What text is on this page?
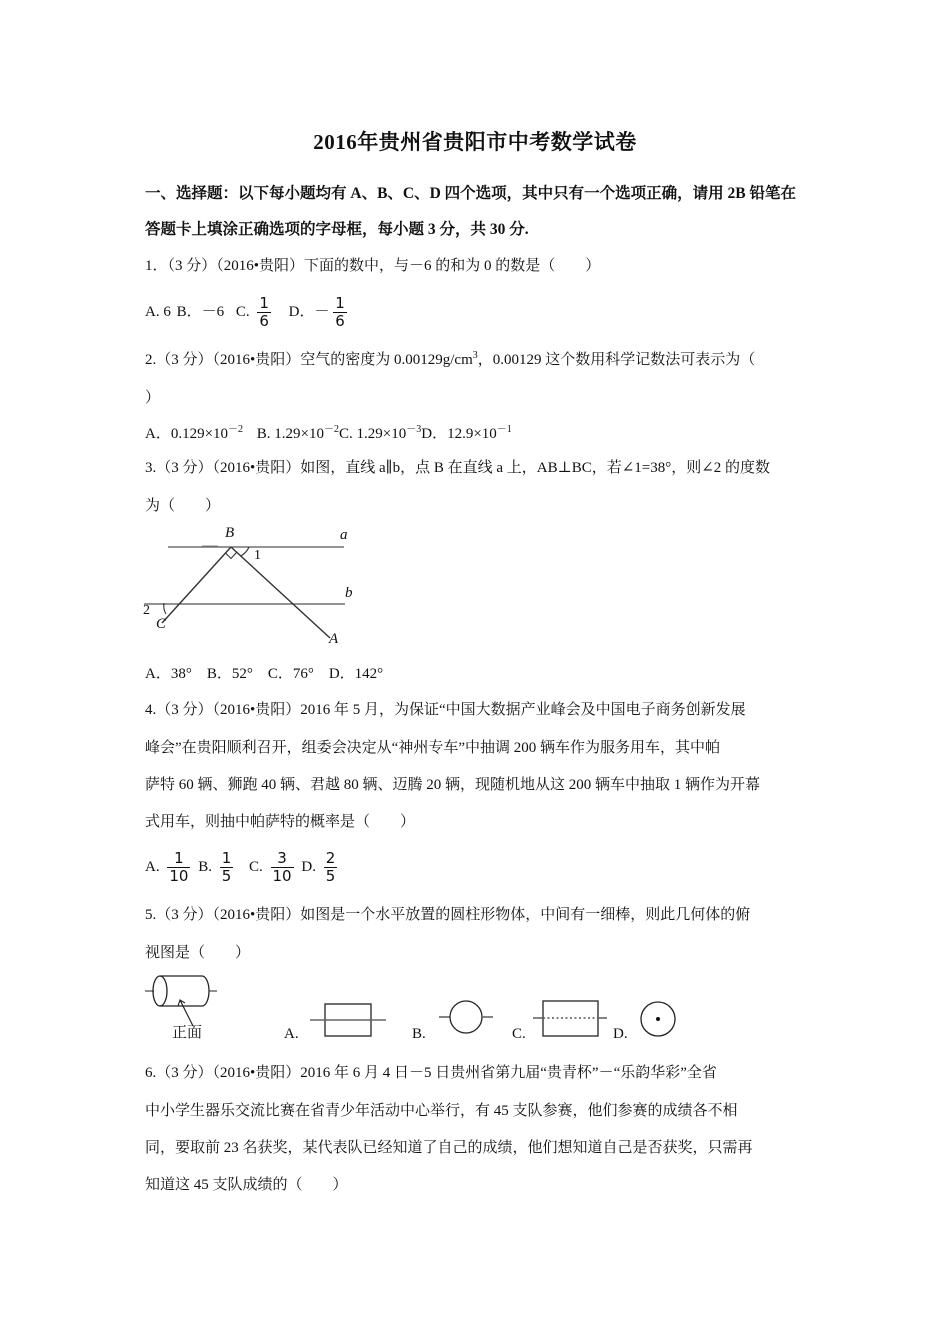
2016年贵州省贵阳市中考数学试卷
一、选择题：以下每小题均有 A、B、C、D 四个选项，其中只有一个选项正确，请用 2B 铅笔在
答题卡上填涂正确选项的字母框，每小题 3 分，共 30 分.
1．（3 分）（2016•贵阳）下面的数中，与－6 的和为 0 的数是（　　）
A. 6 B．－6 C. $\frac{1}{6}$ D．－ $\frac{1}{6}$
2.（3 分）（2016•贵阳）空气的密度为 $0.00129g/cm^3$，0.00129 这个数用科学记数法可表示为（
）
A．$0.129\times 10^{-2}$ B. $1.29\times 10^{-2}C$. $1.29\times 10^{-3}D$．$12.9\times 10^{-1}$
3.（3 分）（2016•贵阳）如图，直线 a∥b，点 B 在直线 a 上，AB⊥BC，若∠1=38°，则∠2 的度数
为（　　）
B	a
1
b
2
C
A
A．38°　B．52°　C．76°　D．142°
4.（3 分）（2016•贵阳）2016 年 5 月，为保证“中国大数据产业峰会及中国电子商务创新发展
峰会”在贵阳顺利召开，组委会决定从“神州专车”中抽调 200 辆车作为服务用车，其中帕
萨特 60 辆、狮跑 40 辆、君越 80 辆、迈腾 20 辆，现随机地从这 200 辆车中抽取 1 辆作为开幕
式用车，则抽中帕萨特的概率是（　　）
A. $\frac{1}{10} B$. $\frac{1}{5} C$. $\frac{3}{10} D$. $\frac{2}{5}$
5.（3 分）（2016•贵阳）如图是一个水平放置的圆柱形物体，中间有一细棒，则此几何体的俯
视图是（　　）
正面	A.	B.	C.	D.
6.（3 分）（2016•贵阳）2016 年 6 月 4 日－5 日贵州省第九届“贵青杯”－“乐韵华彩”全省
中小学生器乐交流比赛在省青少年活动中心举行，有 45 支队参赛，他们参赛的成绩各不相
同，要取前 23 名获奖，某代表队已经知道了自己的成绩，他们想知道自己是否获奖，只需再
知道这 45 支队成绩的（　　）
